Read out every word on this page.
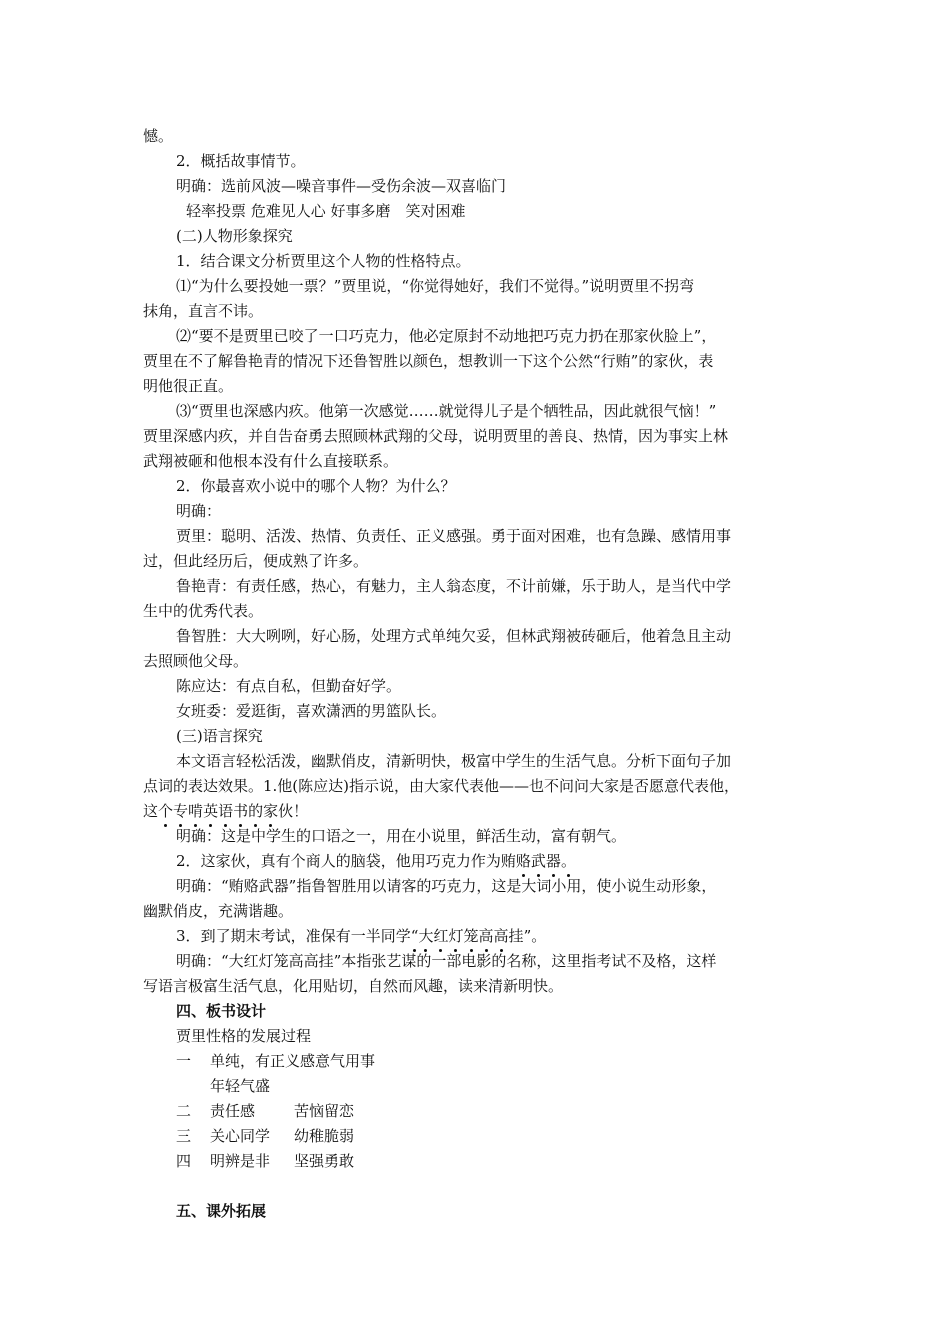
憾。
2．概括故事情节。
明确：选前风波—噪音事件—受伤余波—双喜临门
轻率投票 危难见人心 好事多磨　笑对困难
(二)人物形象探究
1．结合课文分析贾里这个人物的性格特点。
⑴“为什么要投她一票？”贾里说，“你觉得她好，我们不觉得。”说明贾里不拐弯
抹角，直言不讳。
⑵“要不是贾里已咬了一口巧克力，他必定原封不动地把巧克力扔在那家伙脸上”，
贾里在不了解鲁艳青的情况下还鲁智胜以颜色，想教训一下这个公然“行贿”的家伙，表
明他很正直。
⑶“贾里也深感内疚。他第一次感觉……就觉得儿子是个牺牲品，因此就很气恼！”
贾里深感内疚，并自告奋勇去照顾林武翔的父母，说明贾里的善良、热情，因为事实上林
武翔被砸和他根本没有什么直接联系。
2．你最喜欢小说中的哪个人物？为什么？
明确：
贾里：聪明、活泼、热情、负责任、正义感强。勇于面对困难，也有急躁、感情用事
过，但此经历后，便成熟了许多。
鲁艳青：有责任感，热心，有魅力，主人翁态度，不计前嫌，乐于助人，是当代中学
生中的优秀代表。
鲁智胜：大大咧咧，好心肠，处理方式单纯欠妥，但林武翔被砖砸后，他着急且主动
去照顾他父母。
陈应达：有点自私，但勤奋好学。
女班委：爱逛街，喜欢潇洒的男篮队长。
(三)语言探究
本文语言轻松活泼，幽默俏皮，清新明快，极富中学生的生活气息。分析下面句子加
点词的表达效果。1.他(陈应达)指示说，由大家代表他——也不问问大家是否愿意代表他，
这个专啃英语书的家伙！
明确：这是中学生的口语之一，用在小说里，鲜活生动，富有朝气。
2．这家伙，真有个商人的脑袋，他用巧克力作为贿赂武器。
明确：“贿赂武器”指鲁智胜用以请客的巧克力，这是大词小用，使小说生动形象，
幽默俏皮，充满谐趣。
3．到了期末考试，准保有一半同学“大红灯笼高高挂”。
明确：“大红灯笼高高挂”本指张艺谋的一部电影的名称，这里指考试不及格，这样
写语言极富生活气息，化用贴切，自然而风趣，读来清新明快。
四、板书设计
贾里性格的发展过程
一 单纯，有正义感意气用事
年轻气盛
二 责任感	苦恼留恋
三 关心同学 幼稚脆弱
四 明辨是非 坚强勇敢
五、课外拓展
